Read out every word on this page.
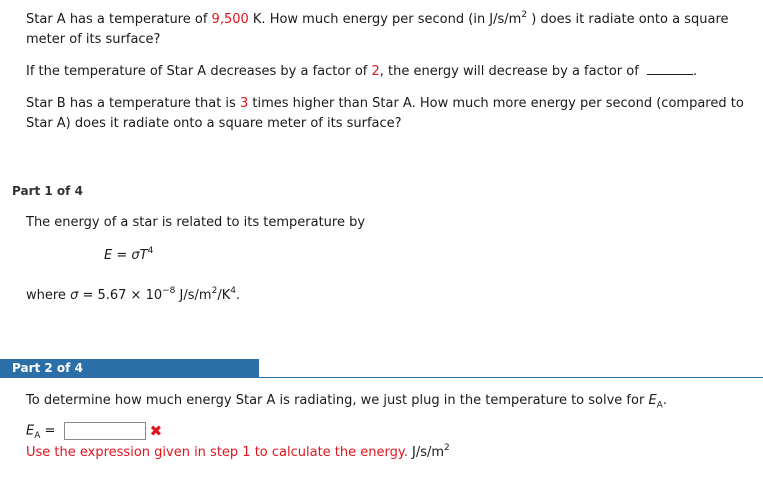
Star A has a temperature of 9,500 K. How much energy per second (in $J/s/m^2$ ) does it radiate onto a square meter of its surface?
If the temperature of Star A decreases by a factor of 2, the energy will decrease by a factor of	.
Star B has a temperature that is 3 times higher than Star A. How much more energy per second (compared to Star A) does it radiate onto a square meter of its surface?
Part 1 of 4
The energy of a star is related to its temperature by
$E = \sigma T^4$
where $\sigma = 5.67 \times 10^{-8}$ $J/s/m^2/K^4$.
Part 2 of 4
To determine how much energy Star A is radiating, we just plug in the temperature to solve for $E_A$.
$E_A$ =	✖
Use the expression given in step 1 to calculate the energy. $J/s/m^2$
